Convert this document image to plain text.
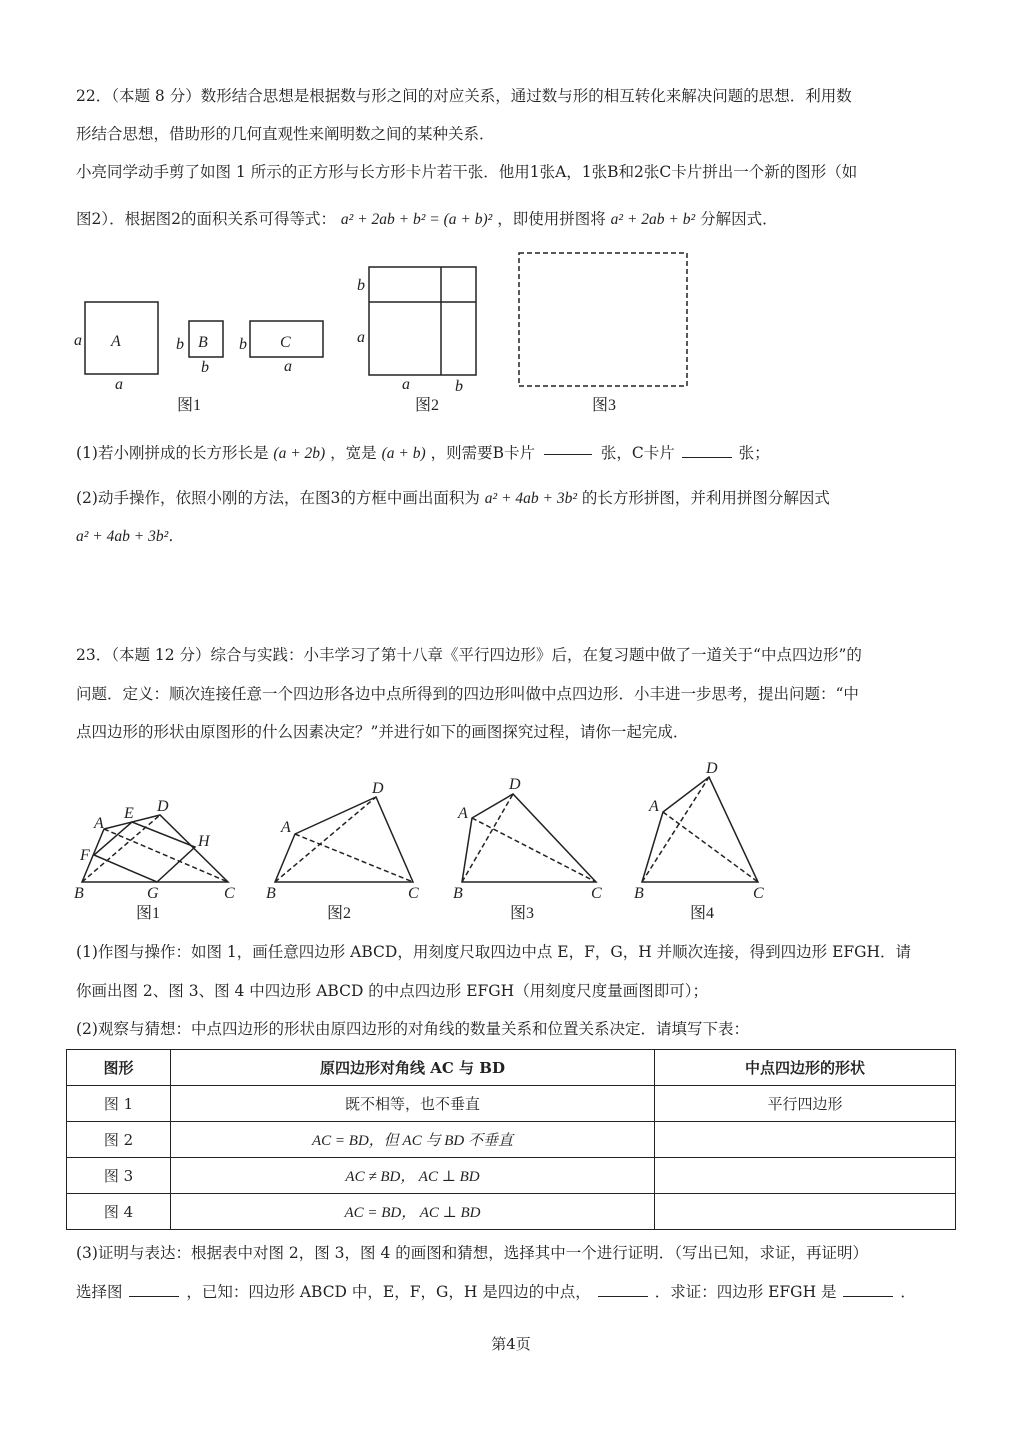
22．（本题 8 分）数形结合思想是根据数与形之间的对应关系，通过数与形的相互转化来解决问题的思想．利用数
形结合思想，借助形的几何直观性来阐明数之间的某种关系．
小亮同学动手剪了如图 1 所示的正方形与长方形卡片若干张．他用1张A，1张B和2张C卡片拼出一个新的图形（如
图2）．根据图2的面积关系可得等式： a² + 2ab + b² = (a + b)² ，即使用拼图将 a² + 2ab + b² 分解因式．
a A
a
b B
b
b C
a
b
a
a	b
图1	图2	图3
(1)若小刚拼成的长方形长是 (a + 2b) ，宽是 (a + b) ，则需要B卡片	张，C卡片	张；
(2)动手操作，依照小刚的方法，在图3的方框中画出面积为 a² + 4ab + 3b² 的长方形拼图，并利用拼图分解因式
a² + 4ab + 3b²．
23．（本题 12 分）综合与实践：小丰学习了第十八章《平行四边形》后，在复习题中做了一道关于“中点四边形”的
问题．定义：顺次连接任意一个四边形各边中点所得到的四边形叫做中点四边形．小丰进一步思考，提出问题：“中
点四边形的形状由原图形的什么因素决定？”并进行如下的画图探究过程，请你一起完成．
A
E D
H
F
B	G	C
A
D
B	C
A
D
B	C
A
D
B	C
图1	图2	图3	图4
(1)作图与操作：如图 1，画任意四边形 ABCD，用刻度尺取四边中点 E，F，G，H 并顺次连接，得到四边形 EFGH．请
你画出图 2、图 3、图 4 中四边形 ABCD 的中点四边形 EFGH（用刻度尺度量画图即可）；
(2)观察与猜想：中点四边形的形状由原四边形的对角线的数量关系和位置关系决定．请填写下表：
图形	原四边形对角线 AC 与 BD	中点四边形的形状
图 1	既不相等，也不垂直	平行四边形
图 2	AC = BD，但 AC 与 BD 不垂直	
图 3	AC ≠ BD， AC ⊥ BD	
图 4	AC = BD， AC ⊥ BD	
(3)证明与表达：根据表中对图 2，图 3，图 4 的画图和猜想，选择其中一个进行证明．（写出已知，求证，再证明）
选择图	，已知：四边形 ABCD 中，E，F，G，H 是四边的中点，	．求证：四边形 EFGH 是	．
第4页
